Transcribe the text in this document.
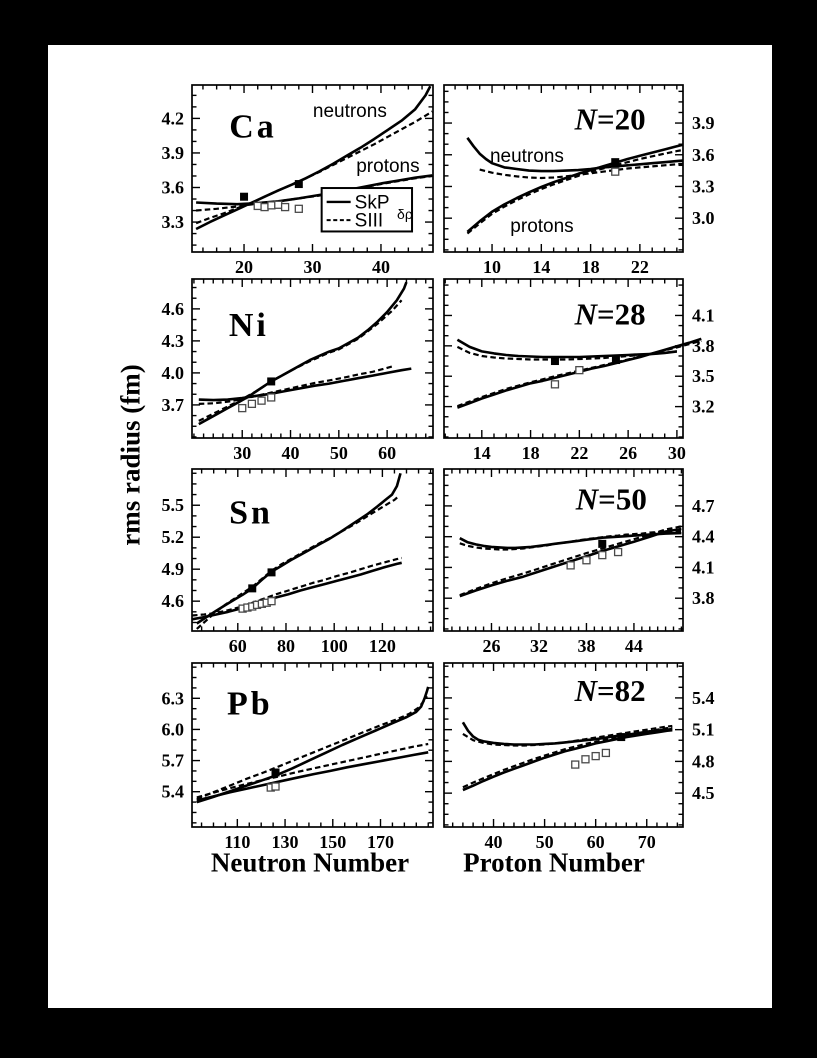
20	30	40
3.3
3.6
3.9
4.2 Ca neutrons
protons
SkP
SIII δρ
10 14 18 22
3.0
3.3
3.6
3.9
N=20
neutrons
protons
30 40 50 60
3.7
4.0
4.3
4.6 Ni
14 18 22 26 30
3.2
3.5
3.8
4.1
N=28
60 80 100 120
4.6
4.9
5.2
5.5 Sn
26 32 38 44
3.8
4.1
4.4
4.7
N=50
110 130 150 170
5.4
5.7
6.0
6.3 Pb
40 50 60 70
4.5
4.8
5.1
5.4
N=82
rms radius (fm)
Neutron Number Proton Number
